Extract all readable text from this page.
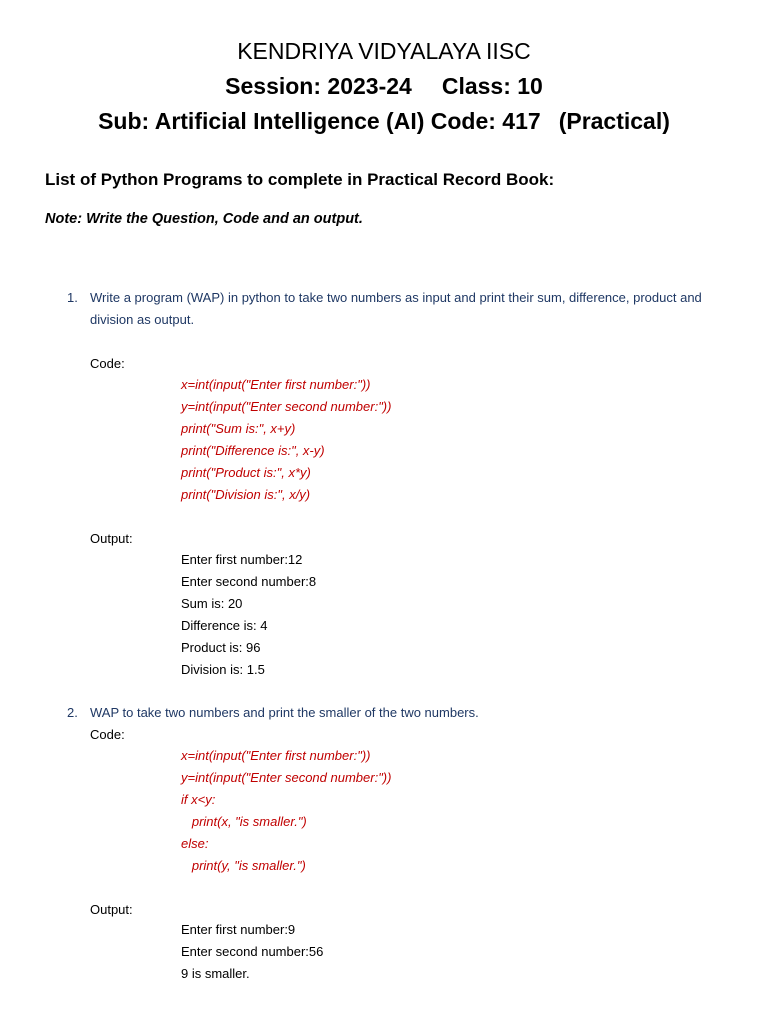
KENDRIYA VIDYALAYA IISC
Session: 2023-24 Class: 10
Sub: Artificial Intelligence (AI) Code: 417 (Practical)
List of Python Programs to complete in Practical Record Book:
Note: Write the Question, Code and an output.
1. Write a program (WAP) in python to take two numbers as input and print their sum, difference, product and division as output.
Code:
x=int(input("Enter first number:"))
y=int(input("Enter second number:"))
print("Sum is:", x+y)
print("Difference is:", x-y)
print("Product is:", x*y)
print("Division is:", x/y)
Output:
Enter first number:12
Enter second number:8
Sum is: 20
Difference is: 4
Product is: 96
Division is: 1.5
2. WAP to take two numbers and print the smaller of the two numbers.
Code:
x=int(input("Enter first number:"))
y=int(input("Enter second number:"))
if x<y:
print(x, "is smaller.")
else:
print(y, "is smaller.")
Output:
Enter first number:9
Enter second number:56
9 is smaller.
